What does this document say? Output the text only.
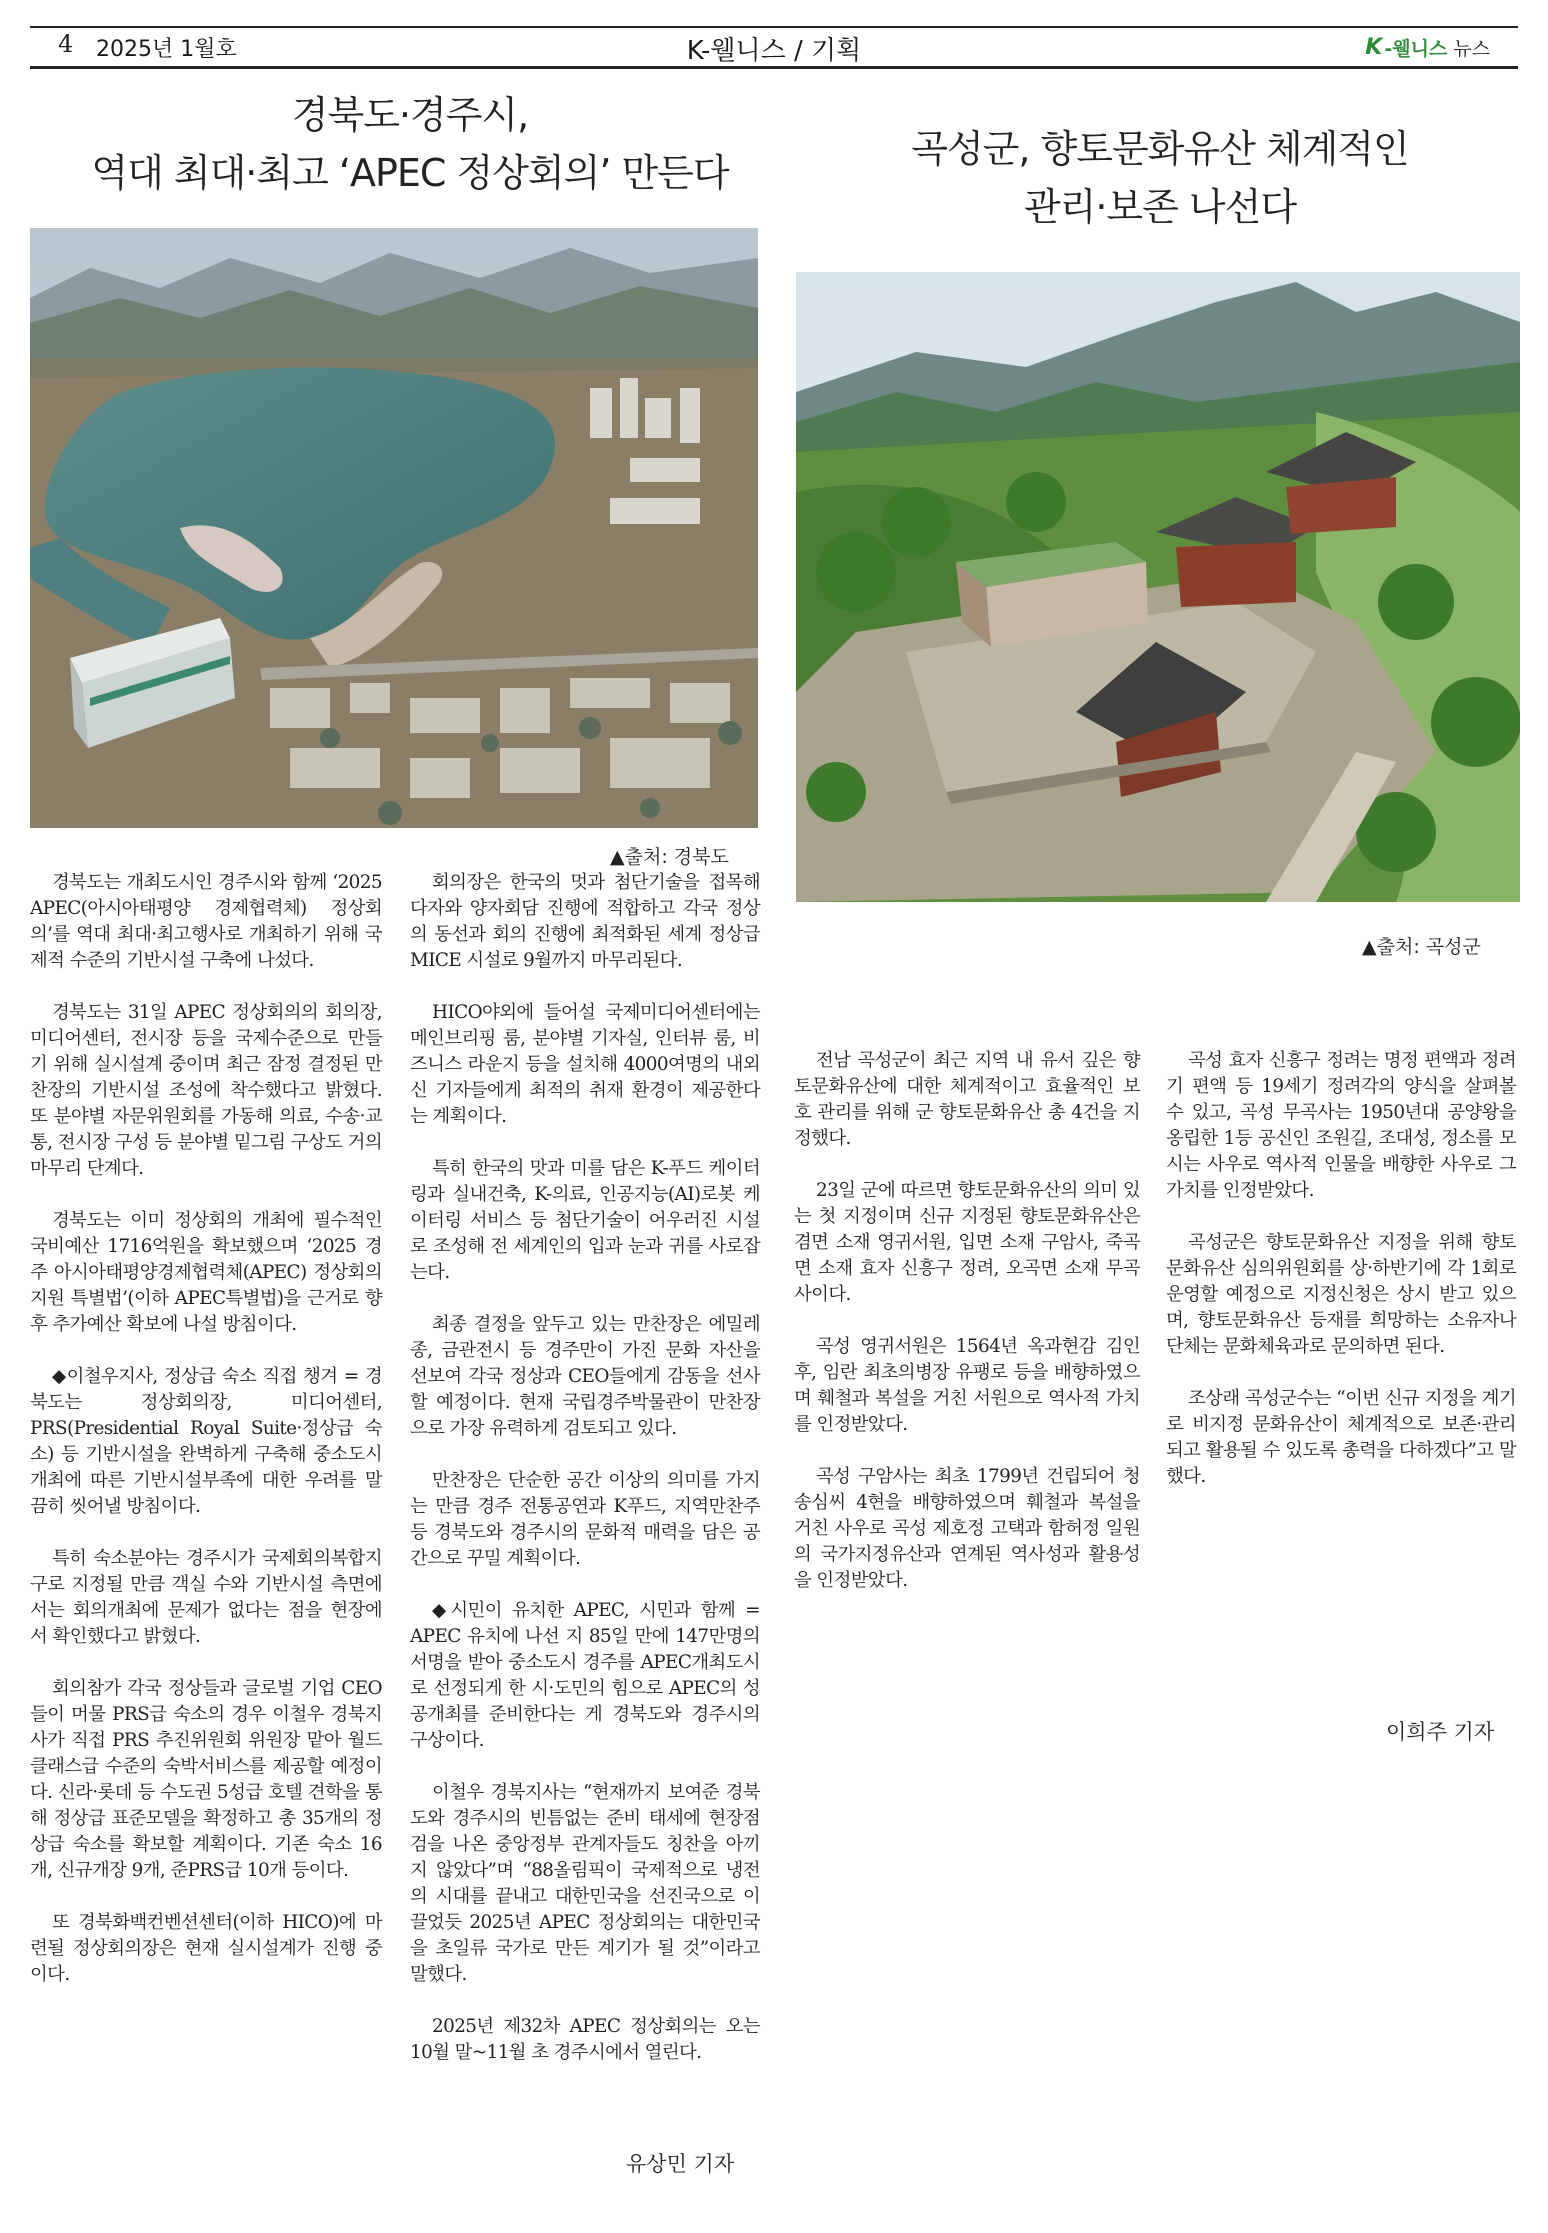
4 2025년 1월호	K-웰니스 / 기획	K -웰니스 뉴스
경북도·경주시,
역대 최대·최고 ‘APEC 정상회의’ 만든다
곡성군, 향토문화유산 체계적인
관리·보존 나선다
▲출처: 경북도
▲출처: 곡성군

경북도는 개최도시인 경주시와 함께 ‘2025 APEC(아시아태평양 경제협력체) 정상회의’를 역대 최대·최고행사로 개최하기 위해 국제적 수준의 기반시설 구축에 나섰다.

경북도는 31일 APEC 정상회의의 회의장, 미디어센터, 전시장 등을 국제수준으로 만들기 위해 실시설계 중이며 최근 잠정 결정된 만찬장의 기반시설 조성에 착수했다고 밝혔다. 또 분야별 자문위원회를 가동해 의료, 수송·교통, 전시장 구성 등 분야별 밑그림 구상도 거의 마무리 단계다.

경북도는 이미 정상회의 개최에 필수적인 국비예산 1716억원을 확보했으며 ‘2025 경주 아시아태평양경제협력체(APEC) 정상회의 지원 특별법’(이하 APEC특별법)을 근거로 향후 추가예산 확보에 나설 방침이다.

◆이철우지사, 정상급 숙소 직접 챙겨 = 경북도는 정상회의장, 미디어센터, PRS(Presidential Royal Suite·정상급 숙소) 등 기반시설을 완벽하게 구축해 중소도시 개최에 따른 기반시설부족에 대한 우려를 말끔히 씻어낼 방침이다.

특히 숙소분야는 경주시가 국제회의복합지구로 지정될 만큼 객실 수와 기반시설 측면에서는 회의개최에 문제가 없다는 점을 현장에서 확인했다고 밝혔다.

회의참가 각국 정상들과 글로벌 기업 CEO들이 머물 PRS급 숙소의 경우 이철우 경북지사가 직접 PRS 추진위원회 위원장 맡아 월드클래스급 수준의 숙박서비스를 제공할 예정이다. 신라·롯데 등 수도권 5성급 호텔 견학을 통해 정상급 표준모델을 확정하고 총 35개의 정상급 숙소를 확보할 계획이다. 기존 숙소 16개, 신규개장 9개, 준PRS급 10개 등이다.

또 경북화백컨벤션센터(이하 HICO)에 마련될 정상회의장은 현재 실시설계가 진행 중이다.

회의장은 한국의 멋과 첨단기술을 접목해 다자와 양자회담 진행에 적합하고 각국 정상의 동선과 회의 진행에 최적화된 세계 정상급 MICE 시설로 9월까지 마무리된다.

HICO야외에 들어설 국제미디어센터에는 메인브리핑 룸, 분야별 기자실, 인터뷰 룸, 비즈니스 라운지 등을 설치해 4000여명의 내외신 기자들에게 최적의 취재 환경이 제공한다는 계획이다.

특히 한국의 맛과 미를 담은 K-푸드 케이터링과 실내건축, K-의료, 인공지능(AI)로봇 케이터링 서비스 등 첨단기술이 어우러진 시설로 조성해 전 세계인의 입과 눈과 귀를 사로잡는다.

최종 결정을 앞두고 있는 만찬장은 에밀레종, 금관전시 등 경주만이 가진 문화 자산을 선보여 각국 정상과 CEO들에게 감동을 선사할 예정이다. 현재 국립경주박물관이 만찬장으로 가장 유력하게 검토되고 있다.

만찬장은 단순한 공간 이상의 의미를 가지는 만큼 경주 전통공연과 K푸드, 지역만찬주 등 경북도와 경주시의 문화적 매력을 담은 공간으로 꾸밀 계획이다.

◆시민이 유치한 APEC, 시민과 함께 = APEC 유치에 나선 지 85일 만에 147만명의 서명을 받아 중소도시 경주를 APEC개최도시로 선정되게 한 시·도민의 힘으로 APEC의 성공개최를 준비한다는 게 경북도와 경주시의 구상이다.

이철우 경북지사는 “현재까지 보여준 경북도와 경주시의 빈틈없는 준비 태세에 현장점검을 나온 중앙정부 관계자들도 칭찬을 아끼지 않았다”며 “88올림픽이 국제적으로 냉전의 시대를 끝내고 대한민국을 선진국으로 이끌었듯 2025년 APEC 정상회의는 대한민국을 초일류 국가로 만든 계기가 될 것”이라고 말했다.

2025년 제32차 APEC 정상회의는 오는 10월 말~11월 초 경주시에서 열린다.

유상민 기자

전남 곡성군이 최근 지역 내 유서 깊은 향토문화유산에 대한 체계적이고 효율적인 보호 관리를 위해 군 향토문화유산 총 4건을 지정했다.

23일 군에 따르면 향토문화유산의 의미 있는 첫 지정이며 신규 지정된 향토문화유산은 겸면 소재 영귀서원, 입면 소재 구암사, 죽곡면 소재 효자 신흥구 정려, 오곡면 소재 무곡사이다.

곡성 영귀서원은 1564년 옥과현감 김인후, 임란 최초의병장 유팽로 등을 배향하였으며 훼철과 복설을 거친 서원으로 역사적 가치를 인정받았다.

곡성 구암사는 최초 1799년 건립되어 청송심씨 4현을 배향하였으며 훼철과 복설을 거친 사우로 곡성 제호정 고택과 함허정 일원의 국가지정유산과 연계된 역사성과 활용성을 인정받았다.

곡성 효자 신흥구 정려는 명정 편액과 정려기 편액 등 19세기 정려각의 양식을 살펴볼 수 있고, 곡성 무곡사는 1950년대 공양왕을 옹립한 1등 공신인 조원길, 조대성, 정소를 모시는 사우로 역사적 인물을 배향한 사우로 그 가치를 인정받았다.

곡성군은 향토문화유산 지정을 위해 향토문화유산 심의위원회를 상·하반기에 각 1회로 운영할 예정으로 지정신청은 상시 받고 있으며, 향토문화유산 등재를 희망하는 소유자나 단체는 문화체육과로 문의하면 된다.

조상래 곡성군수는 “이번 신규 지정을 계기로 비지정 문화유산이 체계적으로 보존·관리되고 활용될 수 있도록 총력을 다하겠다”고 말했다.

이희주 기자
